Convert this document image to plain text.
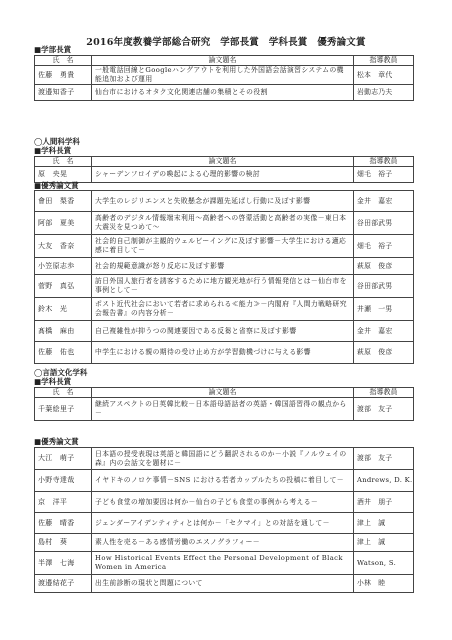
2016年度教養学部総合研究　学部長賞　学科長賞　優秀論文賞
■学部長賞
氏　名	論文題名	指導教員
佐藤　勇貴	一般電話回線とGoogleハングアウトを利用した外国語会話演習システムの機能追加および運用	松本　章代
渡邉知香子	仙台市におけるオタク文化関連店舗の集積とその役割	岩動志乃夫
◯人間科学科
■学科長賞
氏　名	論文題名	指導教員
原　央晃	シャーデンフロイデの喚起による心理的影響の検討	畑毛　裕子
■優秀論文賞
會田　梨香	大学生のレジリエンスと失敗懸念が課題先延ばし行動に及ぼす影響	金井　嘉宏
阿部　夏美	高齢者のデジタル情報端末利用～高齢者への啓蒙活動と高齢者の実像－東日本大震災を見つめて～	谷田部武男
大友　香奈	社会的自己制御が主観的ウェルビーイングに及ぼす影響－大学生における適応感に着目して－	畑毛　裕子
小笠原志歩	社会的規範意識が怒り反応に及ぼす影響	萩原　俊彦
菅野　真弘	訪日外国人旅行者を誘客するために地方観光地が行う情報発信とは－仙台市を事例として－	谷田部武男
鈴木　光	ポスト近代社会において若者に求められる≪能力≫－内閣府『人間力戦略研究会報告書』の内容分析－	井瀬　一男
髙橋　麻由	自己複雑性が抑うつの関連要因である反芻と省察に及ぼす影響	金井　嘉宏
佐藤　佑也	中学生における親の期待の受け止め方が学習動機づけに与える影響	萩原　俊彦
◯言語文化学科
■学科長賞
氏　名	論文題名	指導教員
千葉絵里子	継続アスペクトの日英韓比較－日本語母語話者の英語・韓国語習得の観点から－	渡部　友子
■優秀論文賞
大江　萌子	日本語の授受表現は英語と韓国語にどう翻訳されるのか－小説『ノルウェイの森』内の会話文を題材に－	渡部　友子
小野寺達哉	イヤドキのノロケ事情－SNS における若者カップルたちの投稿に着目して－	Andrews, D. K.
京　洋平	子ども食堂の増加要因は何か－仙台の子ども食堂の事例から考える－	酒井　朋子
佐藤　晴香	ジェンダーアイデンティティとは何か－「セクマイ」との対話を通して－	津上　誠
島村　葵	素人性を売る－ある感情労働のエスノグラフィー－	津上　誠
半澤　七海	How Historical Events Effect the Personal Development of Black Women in America	Watson, S.
渡邉結花子	出生前診断の現状と問題について	小林　睦
